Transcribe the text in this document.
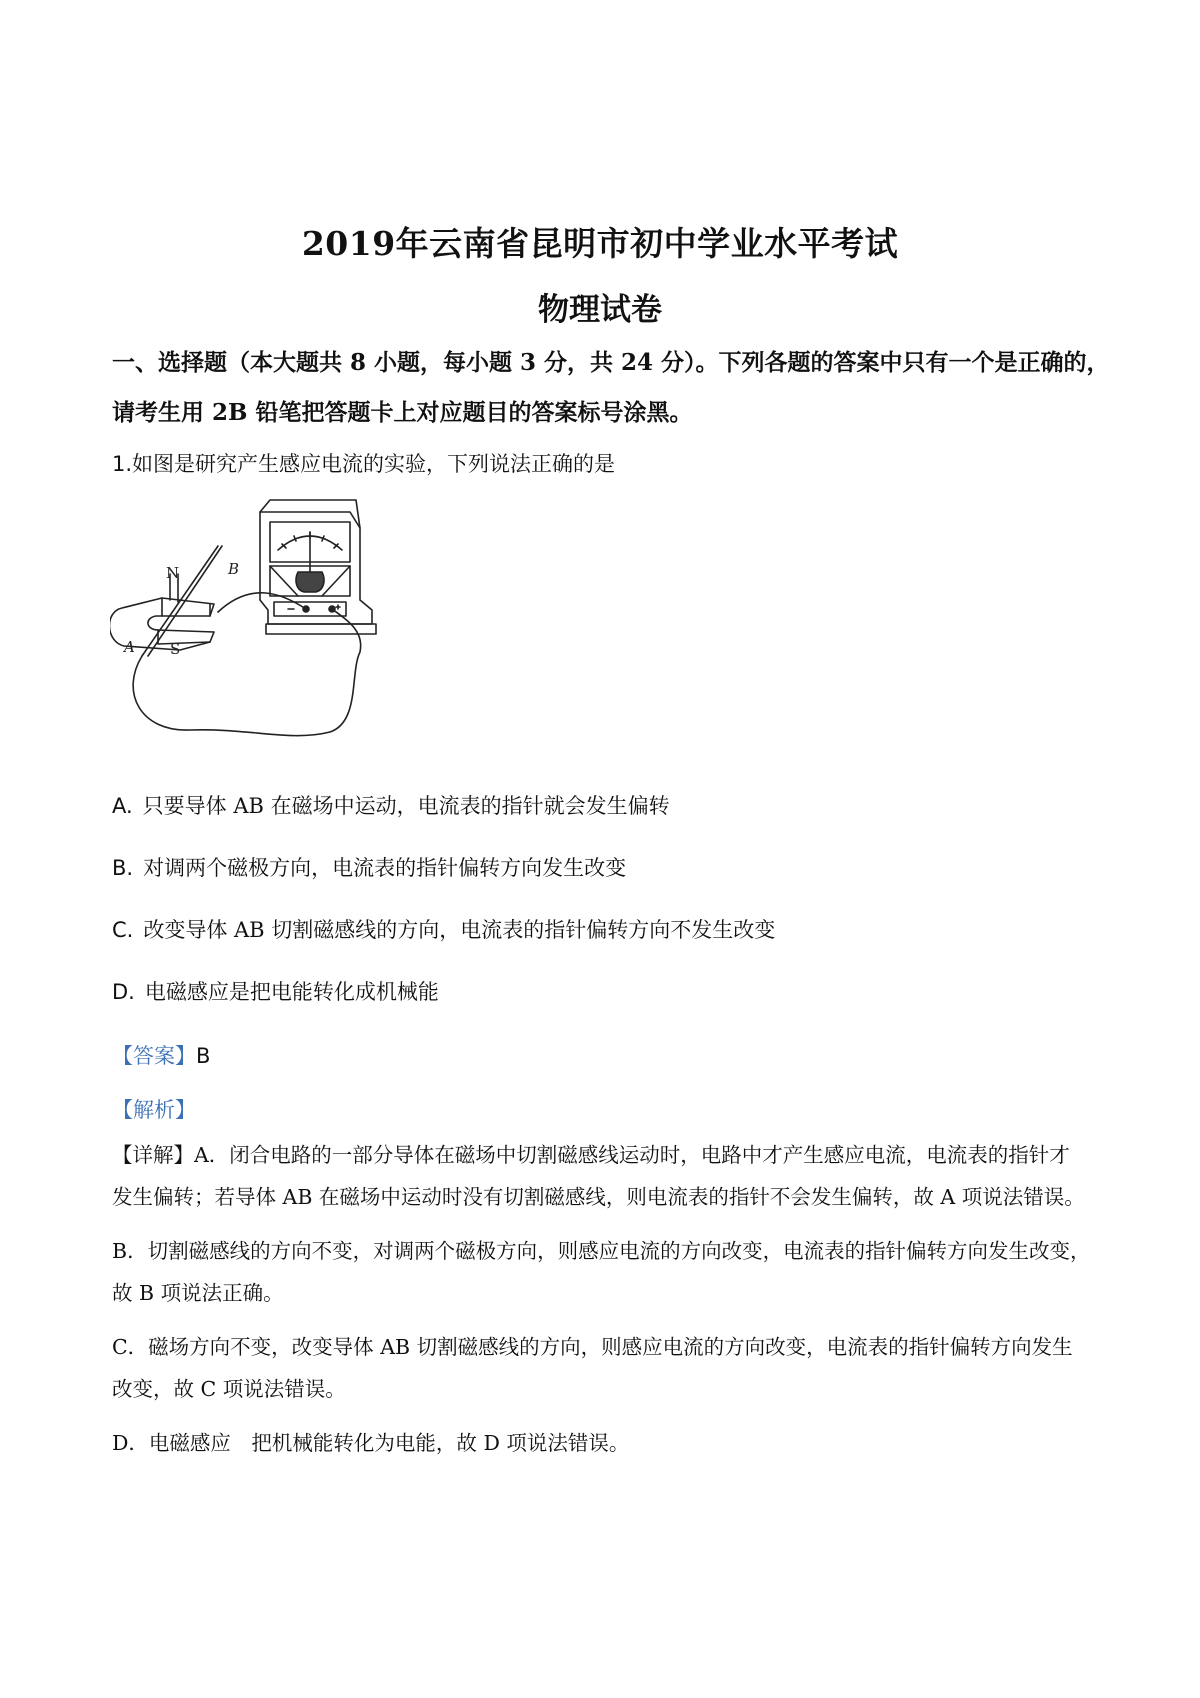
2019年云南省昆明市初中学业水平考试
物理试卷
一、选择题（本大题共 8 小题，每小题 3 分，共 24 分）。下列各题的答案中只有一个是正确的，
请考生用 2B 铅笔把答题卡上对应题目的答案标号涂黑。
1.如图是研究产生感应电流的实验，下列说法正确的是
N
S
A
B
A. 只要导体 AB 在磁场中运动，电流表的指针就会发生偏转
B. 对调两个磁极方向，电流表的指针偏转方向发生改变
C. 改变导体 AB 切割磁感线的方向，电流表的指针偏转方向不发生改变
D. 电磁感应是把电能转化成机械能
【答案】B
【解析】
【详解】A．闭合电路的一部分导体在磁场中切割磁感线运动时，电路中才产生感应电流，电流表的指针才
发生偏转；若导体 AB 在磁场中运动时没有切割磁感线，则电流表的指针不会发生偏转，故 A 项说法错误。
B．切割磁感线的方向不变，对调两个磁极方向，则感应电流的方向改变，电流表的指针偏转方向发生改变，
故 B 项说法正确。
C．磁场方向不变，改变导体 AB 切割磁感线的方向，则感应电流的方向改变，电流表的指针偏转方向发生
改变，故 C 项说法错误。
D．电磁感应　把机械能转化为电能，故 D 项说法错误。
